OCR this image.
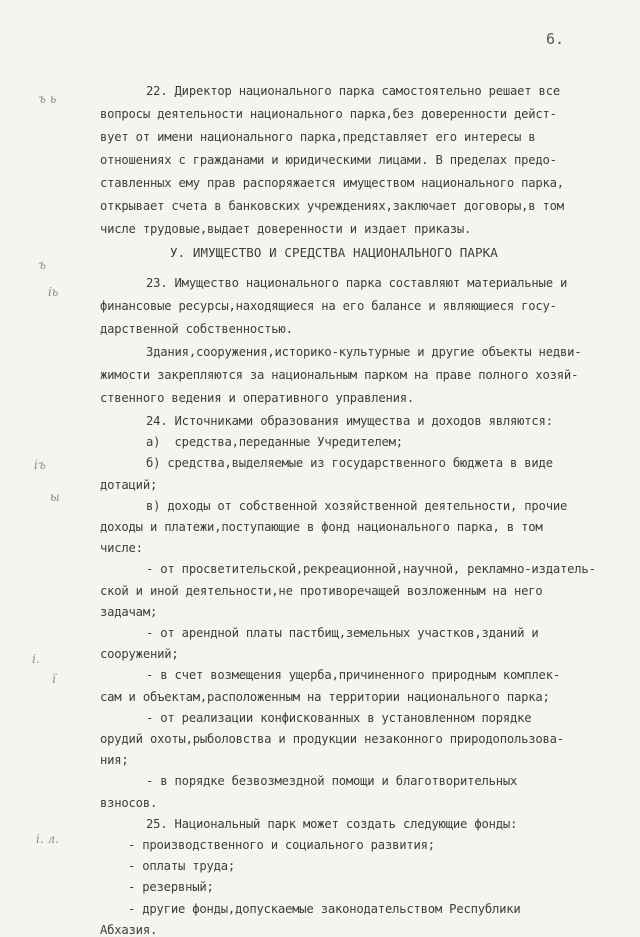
6.
ъ ь
ъ
іь
іъ
ы
і.
ї
і. л.
22. Директор национального парка самостоятельно решает все
вопросы деятельности национального парка,без доверенности дейст-
вует от имени национального парка,представляет его интересы в
отношениях с гражданами и юридическими лицами. В пределах предо-
ставленных ему прав распоряжается имуществом национального парка,
открывает счета в банковских учреждениях,заключает договоры,в том
числе трудовые,выдает доверенности и издает приказы.
У. ИМУЩЕСТВО И СРЕДСТВА НАЦИОНАЛЬНОГО ПАРКА
23. Имущество национального парка составляют материальные и
финансовые ресурсы,находящиеся на его балансе и являющиеся госу-
дарственной собственностью.
Здания,сооружения,историко-культурные и другие объекты недви-
жимости закрепляются за национальным парком на праве полного хозяй-
ственного ведения и оперативного управления.
24. Источниками образования имущества и доходов являются:
а)  средства,переданные Учредителем;
б) средства,выделяемые из государственного бюджета в виде
дотаций;
в) доходы от собственной хозяйственной деятельности, прочие
доходы и платежи,поступающие в фонд национального парка, в том
числе:
- от просветительской,рекреационной,научной, рекламно-издатель-
ской и иной деятельности,не противоречащей возложенным на него
задачам;
- от арендной платы пастбищ,земельных участков,зданий и
сооружений;
- в счет возмещения ущерба,причиненного природным комплек-
сам и объектам,расположенным на территории национального парка;
- от реализации конфискованных в установленном порядке
орудий охоты,рыболовства и продукции незаконного природопользова-
ния;
- в порядке безвозмездной помощи и благотворительных
взносов.
25. Национальный парк может создать следующие фонды:
- производственного и социального развития;
- оплаты труда;
- резервный;
- другие фонды,допускаемые законодательством Республики
Абхазия.
